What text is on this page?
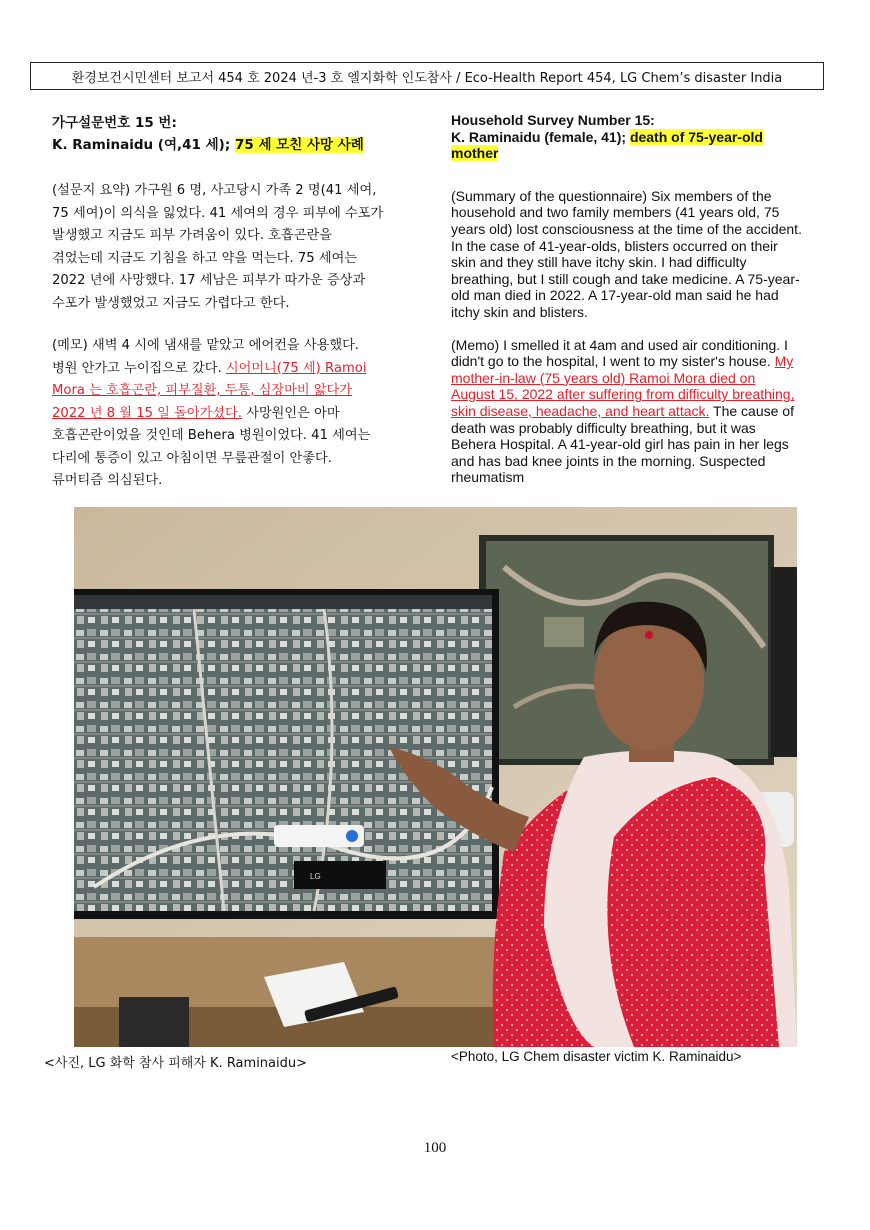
환경보건시민센터 보고서 454 호 2024 년-3 호 엘지화학 인도참사 / Eco-Health Report 454, LG Chem’s disaster India

가구설문번호 15 번:

K. Raminaidu (여,41 세); 75 세 모친 사망 사례

(설문지 요약) 가구원 6 명, 사고당시 가족 2 명(41 세여,

75 세여)이 의식을 잃었다. 41 세여의 경우 피부에 수포가

발생했고 지금도 피부 가려움이 있다. 호흡곤란을

겪었는데 지금도 기침을 하고 약을 먹는다. 75 세여는

2022 년에 사망했다. 17 세남은 피부가 따가운 증상과

수포가 발생했었고 지금도 가렵다고 한다.

(메모) 새벽 4 시에 냄새를 맡았고 에어컨을 사용했다.

병원 안가고 누이집으로 갔다. 시어머니(75 세) Ramoi

Mora 는 호흡곤란, 피부질환, 두통, 심장마비 앓다가

2022 년 8 월 15 일 돌아가셨다. 사망원인은 아마

호흡곤란이었을 것인데 Behera 병원이었다. 41 세여는

다리에 통증이 있고 아침이면 무릎관절이 안좋다.

류머티즘 의심된다.

Household Survey Number 15:

K. Raminaidu (female, 41); death of 75-year-old

mother

(Summary of the questionnaire) Six members of the

household and two family members (41 years old, 75

years old) lost consciousness at the time of the accident.

In the case of 41-year-olds, blisters occurred on their

skin and they still have itchy skin. I had difficulty

breathing, but I still cough and take medicine. A 75-year-

old man died in 2022. A 17-year-old man said he had

itchy skin and blisters.

(Memo) I smelled it at 4am and used air conditioning. I

didn't go to the hospital, I went to my sister's house. My

mother-in-law (75 years old) Ramoi Mora died on

August 15, 2022 after suffering from difficulty breathing,

skin disease, headache, and heart attack. The cause of

death was probably difficulty breathing, but it was

Behera Hospital. A 41-year-old girl has pain in her legs

and has bad knee joints in the morning. Suspected

rheumatism

LG
<사진, LG 화학 참사 피해자 K. Raminaidu>	<Photo, LG Chem disaster victim K. Raminaidu>
100
